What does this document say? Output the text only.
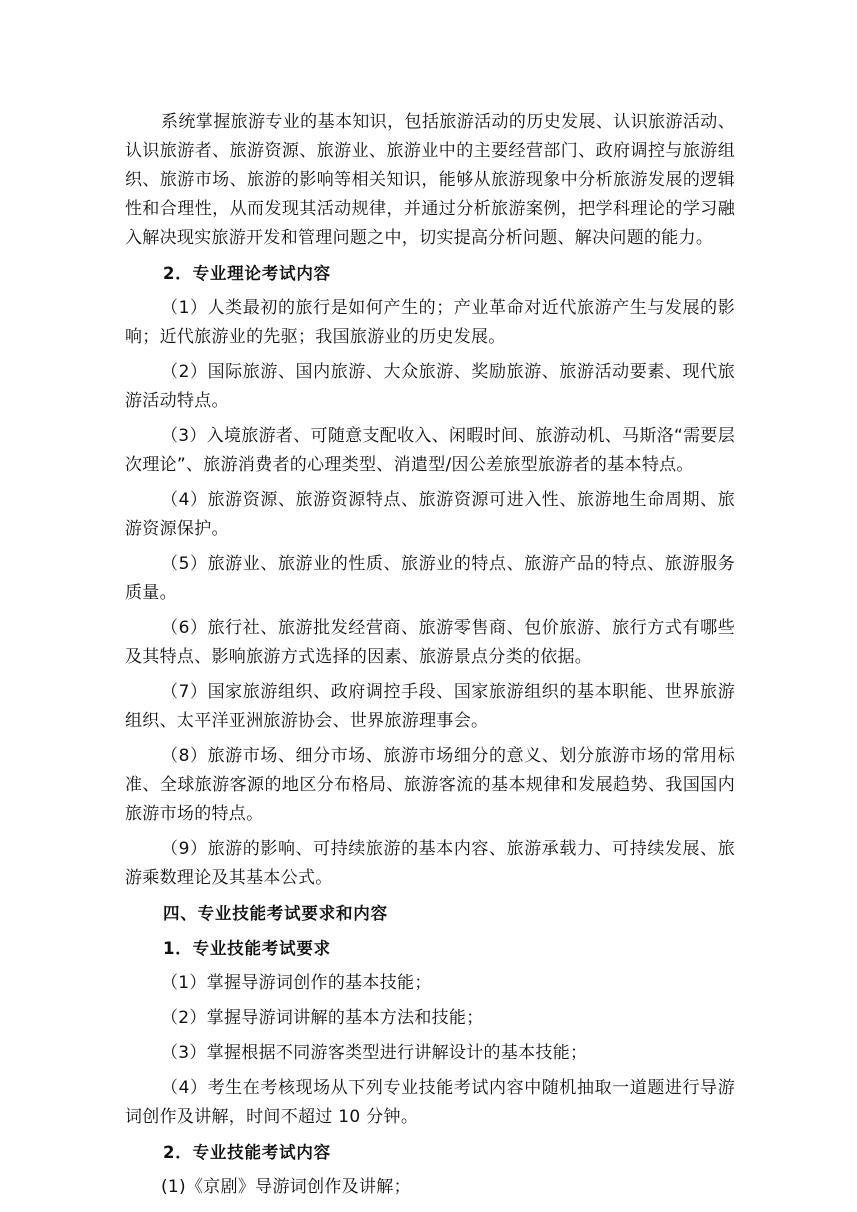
系统掌握旅游专业的基本知识，包括旅游活动的历史发展、认识旅游活动、认识旅游者、旅游资源、旅游业、旅游业中的主要经营部门、政府调控与旅游组织、旅游市场、旅游的影响等相关知识，能够从旅游现象中分析旅游发展的逻辑性和合理性，从而发现其活动规律，并通过分析旅游案例，把学科理论的学习融入解决现实旅游开发和管理问题之中，切实提高分析问题、解决问题的能力。

2．专业理论考试内容

（1）人类最初的旅行是如何产生的；产业革命对近代旅游产生与发展的影响；近代旅游业的先驱；我国旅游业的历史发展。

（2）国际旅游、国内旅游、大众旅游、奖励旅游、旅游活动要素、现代旅游活动特点。

（3）入境旅游者、可随意支配收入、闲暇时间、旅游动机、马斯洛“需要层次理论”、旅游消费者的心理类型、消遣型/因公差旅型旅游者的基本特点。

（4）旅游资源、旅游资源特点、旅游资源可进入性、旅游地生命周期、旅游资源保护。

（5）旅游业、旅游业的性质、旅游业的特点、旅游产品的特点、旅游服务质量。

（6）旅行社、旅游批发经营商、旅游零售商、包价旅游、旅行方式有哪些及其特点、影响旅游方式选择的因素、旅游景点分类的依据。

（7）国家旅游组织、政府调控手段、国家旅游组织的基本职能、世界旅游组织、太平洋亚洲旅游协会、世界旅游理事会。

（8）旅游市场、细分市场、旅游市场细分的意义、划分旅游市场的常用标准、全球旅游客源的地区分布格局、旅游客流的基本规律和发展趋势、我国国内旅游市场的特点。

（9）旅游的影响、可持续旅游的基本内容、旅游承载力、可持续发展、旅游乘数理论及其基本公式。

四、专业技能考试要求和内容

1．专业技能考试要求

（1）掌握导游词创作的基本技能；

（2）掌握导游词讲解的基本方法和技能；

（3）掌握根据不同游客类型进行讲解设计的基本技能；

（4）考生在考核现场从下列专业技能考试内容中随机抽取一道题进行导游词创作及讲解，时间不超过 10 分钟。

2．专业技能考试内容

(1)《京剧》导游词创作及讲解；
